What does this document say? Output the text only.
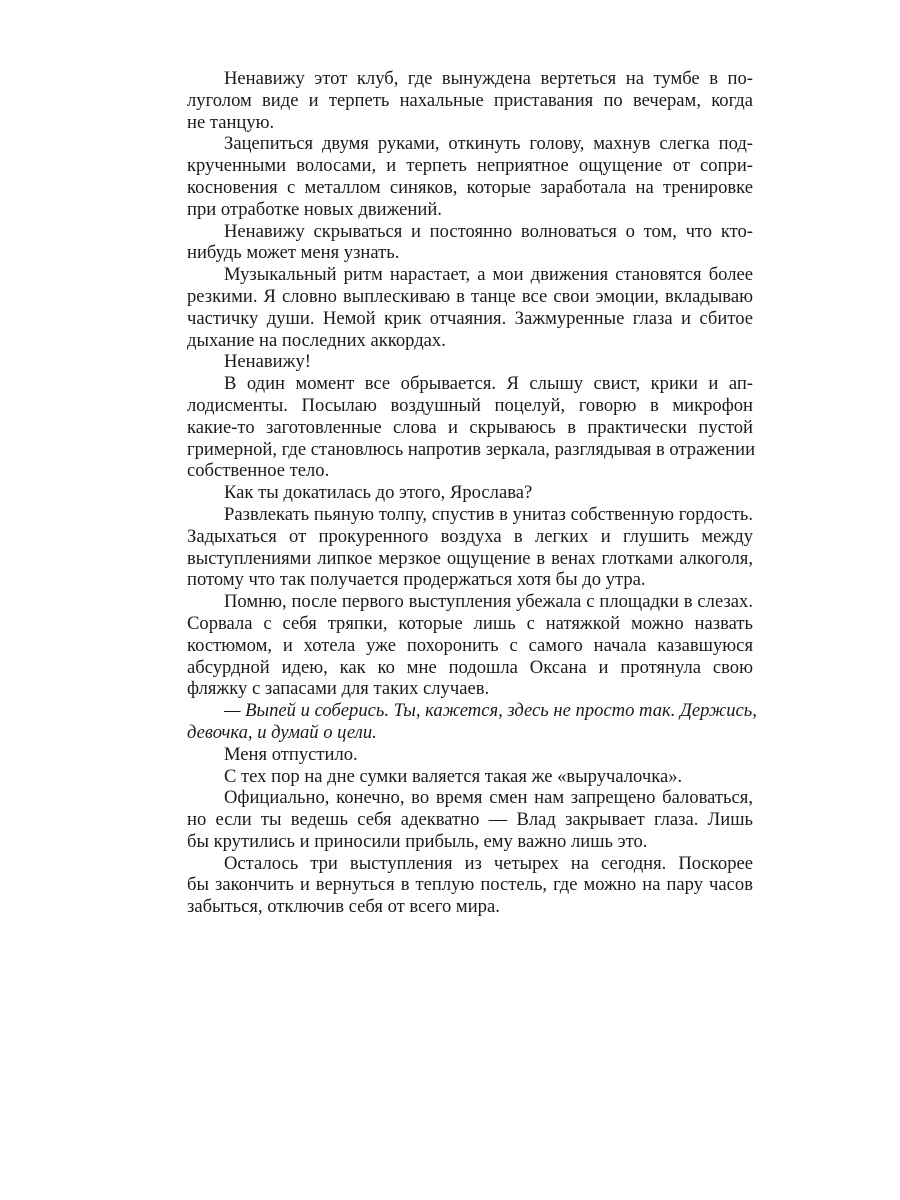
Ненавижу этот клуб, где вынуждена вертеться на тумбе в по-
луголом виде и терпеть нахальные приставания по вечерам, когда
не танцую.
Зацепиться двумя руками, откинуть голову, махнув слегка под-
крученными волосами, и терпеть неприятное ощущение от сопри-
косновения с металлом синяков, которые заработала на тренировке
при отработке новых движений.
Ненавижу скрываться и постоянно волноваться о том, что кто-
нибудь может меня узнать.
Музыкальный ритм нарастает, а мои движения становятся более
резкими. Я словно выплескиваю в танце все свои эмоции, вкладываю
частичку души. Немой крик отчаяния. Зажмуренные глаза и сбитое
дыхание на последних аккордах.
Ненавижу!
В один момент все обрывается. Я слышу свист, крики и ап-
лодисменты. Посылаю воздушный поцелуй, говорю в микрофон
какие-то заготовленные слова и скрываюсь в практически пустой
гримерной, где становлюсь напротив зеркала, разглядывая в отражении
собственное тело.
Как ты докатилась до этого, Ярослава?
Развлекать пьяную толпу, спустив в унитаз собственную гордость.
Задыхаться от прокуренного воздуха в легких и глушить между
выступлениями липкое мерзкое ощущение в венах глотками алкоголя,
потому что так получается продержаться хотя бы до утра.
Помню, после первого выступления убежала с площадки в слезах.
Сорвала с себя тряпки, которые лишь с натяжкой можно назвать
костюмом, и хотела уже похоронить с самого начала казавшуюся
абсурдной идею, как ко мне подошла Оксана и протянула свою
фляжку с запасами для таких случаев.
— Выпей и соберись. Ты, кажется, здесь не просто так. Держись,
девочка, и думай о цели.
Меня отпустило.
С тех пор на дне сумки валяется такая же «выручалочка».
Официально, конечно, во время смен нам запрещено баловаться,
но если ты ведешь себя адекватно — Влад закрывает глаза. Лишь
бы крутились и приносили прибыль, ему важно лишь это.
Осталось три выступления из четырех на сегодня. Поскорее
бы закончить и вернуться в теплую постель, где можно на пару часов
забыться, отключив себя от всего мира.
